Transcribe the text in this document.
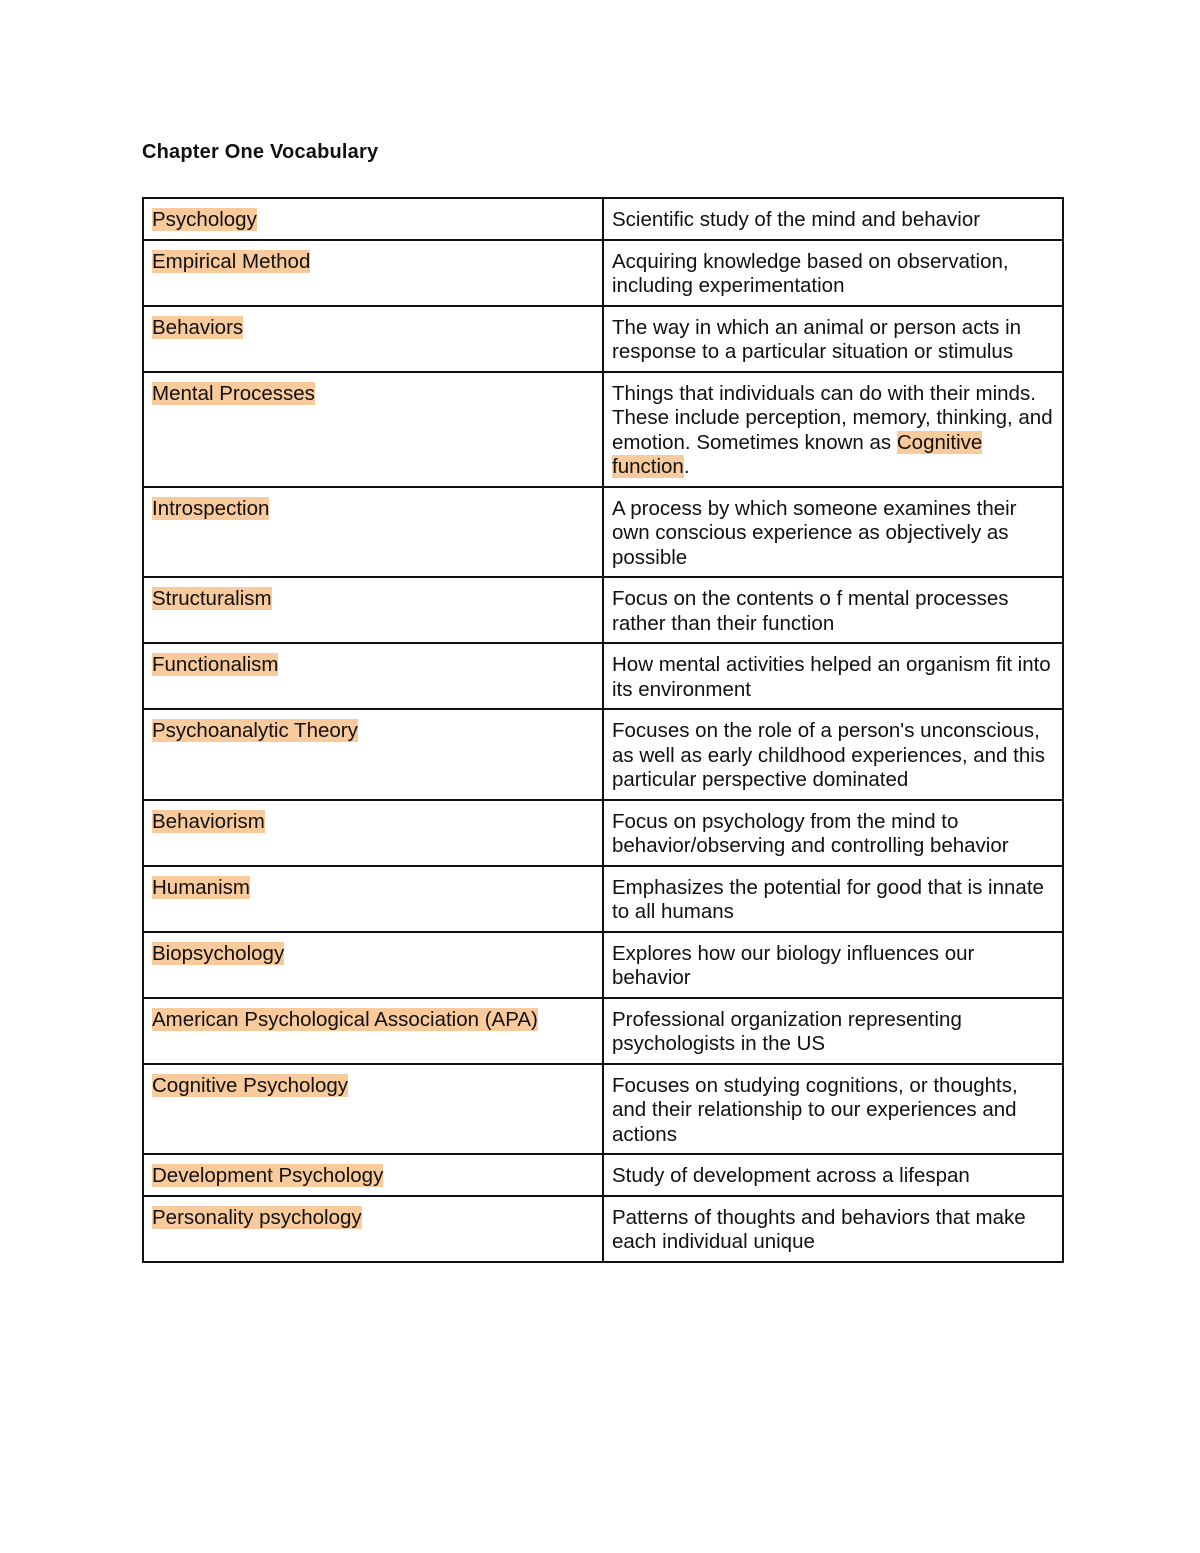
Chapter One Vocabulary
Psychology	Scientific study of the mind and behavior
Empirical Method	Acquiring knowledge based on observation, including experimentation
Behaviors	The way in which an animal or person acts in response to a particular situation or stimulus
Mental Processes	Things that individuals can do with their minds. These include perception, memory, thinking, and emotion. Sometimes known as Cognitive function.
Introspection	A process by which someone examines their own conscious experience as objectively as possible
Structuralism	Focus on the contents o f mental processes rather than their function
Functionalism	How mental activities helped an organism fit into its environment
Psychoanalytic Theory	Focuses on the role of a person's unconscious, as well as early childhood experiences, and this particular perspective dominated
Behaviorism	Focus on psychology from the mind to behavior/observing and controlling behavior
Humanism	Emphasizes the potential for good that is innate to all humans
Biopsychology	Explores how our biology influences our behavior
American Psychological Association (APA)	Professional organization representing psychologists in the US
Cognitive Psychology	Focuses on studying cognitions, or thoughts, and their relationship to our experiences and actions
Development Psychology	Study of development across a lifespan
Personality psychology	Patterns of thoughts and behaviors that make each individual unique
